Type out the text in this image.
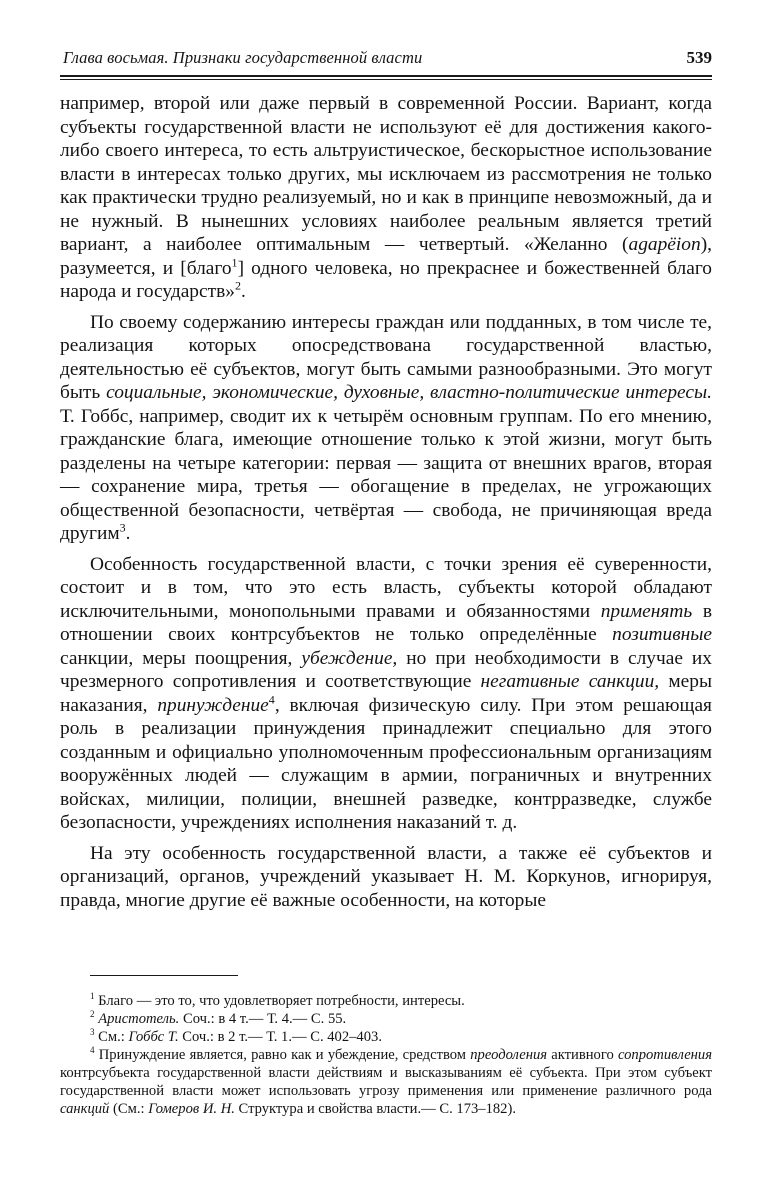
Глава восьмая. Признаки государственной власти	539

например, второй или даже первый в современной России. Вариант, когда субъекты государственной власти не используют её для достижения какого-либо своего интереса, то есть альтруистическое, бескорыстное использование власти в интересах только других, мы исключаем из рассмотрения не только как практически трудно реализуемый, но и как в принципе невозможный, да и не нужный. В нынешних условиях наиболее реальным является третий вариант, а наиболее оптимальным — четвертый. «Желанно (agapëion), разумеется, и [благо$^1$] одного человека, но прекраснее и божественней благо народа и государств»$^2$.

По своему содержанию интересы граждан или подданных, в том числе те, реализация которых опосредствована государственной властью, деятельностью её субъектов, могут быть самыми разнообразными. Это могут быть социальные, экономические, духовные, властно-политические интересы. Т. Гоббс, например, сводит их к четырём основным группам. По его мнению, гражданские блага, имеющие отношение только к этой жизни, могут быть разделены на четыре категории: первая — защита от внешних врагов, вторая — сохранение мира, третья — обогащение в пределах, не угрожающих общественной безопасности, четвёртая — свобода, не причиняющая вреда другим$^3$.

Особенность государственной власти, с точки зрения её суверенности, состоит и в том, что это есть власть, субъекты которой обладают исключительными, монопольными правами и обязанностями применять в отношении своих контрсубъектов не только определённые позитивные санкции, меры поощрения, убеждение, но при необходимости в случае их чрезмерного сопротивления и соответствующие негативные санкции, меры наказания, принуждение$^4$, включая физическую силу. При этом решающая роль в реализации принуждения принадлежит специально для этого созданным и официально уполномоченным профессиональным организациям вооружённых людей — служащим в армии, пограничных и внутренних войсках, милиции, полиции, внешней разведке, контрразведке, службе безопасности, учреждениях исполнения наказаний т. д.

На эту особенность государственной власти, а также её субъектов и организаций, органов, учреждений указывает Н. М. Коркунов, игнорируя, правда, многие другие её важные особенности, на которые

$^1$ Благо — это то, что удовлетворяет потребности, интересы.

$^2$ Аристотель. Соч.: в 4 т.— Т. 4.— С. 55.

$^3$ См.: Гоббс Т. Соч.: в 2 т.— Т. 1.— С. 402–403.

$^4$ Принуждение является, равно как и убеждение, средством преодоления активного сопротивления контрсубъекта государственной власти действиям и высказываниям её субъекта. При этом субъект государственной власти может использовать угрозу применения или применение различного рода санкций (См.: Гомеров И. Н. Структура и свойства власти.— С. 173–182).
